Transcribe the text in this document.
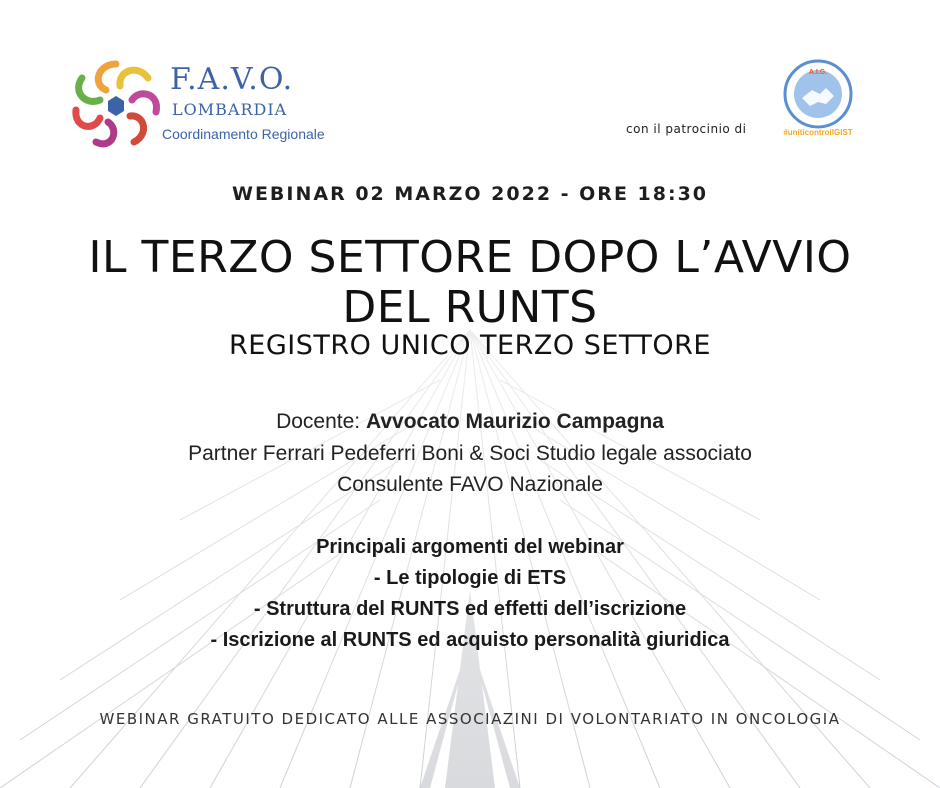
F.A.V.O.
LOMBARDIA
Coordinamento Regionale	con il patrocinio di
A.I.G.
#uniticontroilGIST
WEBINAR 02 MARZO 2022 - ORE 18:30
IL TERZO SETTORE DOPO L’AVVIO
DEL RUNTS
REGISTRO UNICO TERZO SETTORE
Docente: Avvocato Maurizio Campagna
Partner Ferrari Pedeferri Boni & Soci Studio legale associato
Consulente FAVO Nazionale
Principali argomenti del webinar
- Le tipologie di ETS
- Struttura del RUNTS ed effetti dell’iscrizione
- Iscrizione al RUNTS ed acquisto personalità giuridica
WEBINAR GRATUITO DEDICATO ALLE ASSOCIAZINI DI VOLONTARIATO IN ONCOLOGIA
